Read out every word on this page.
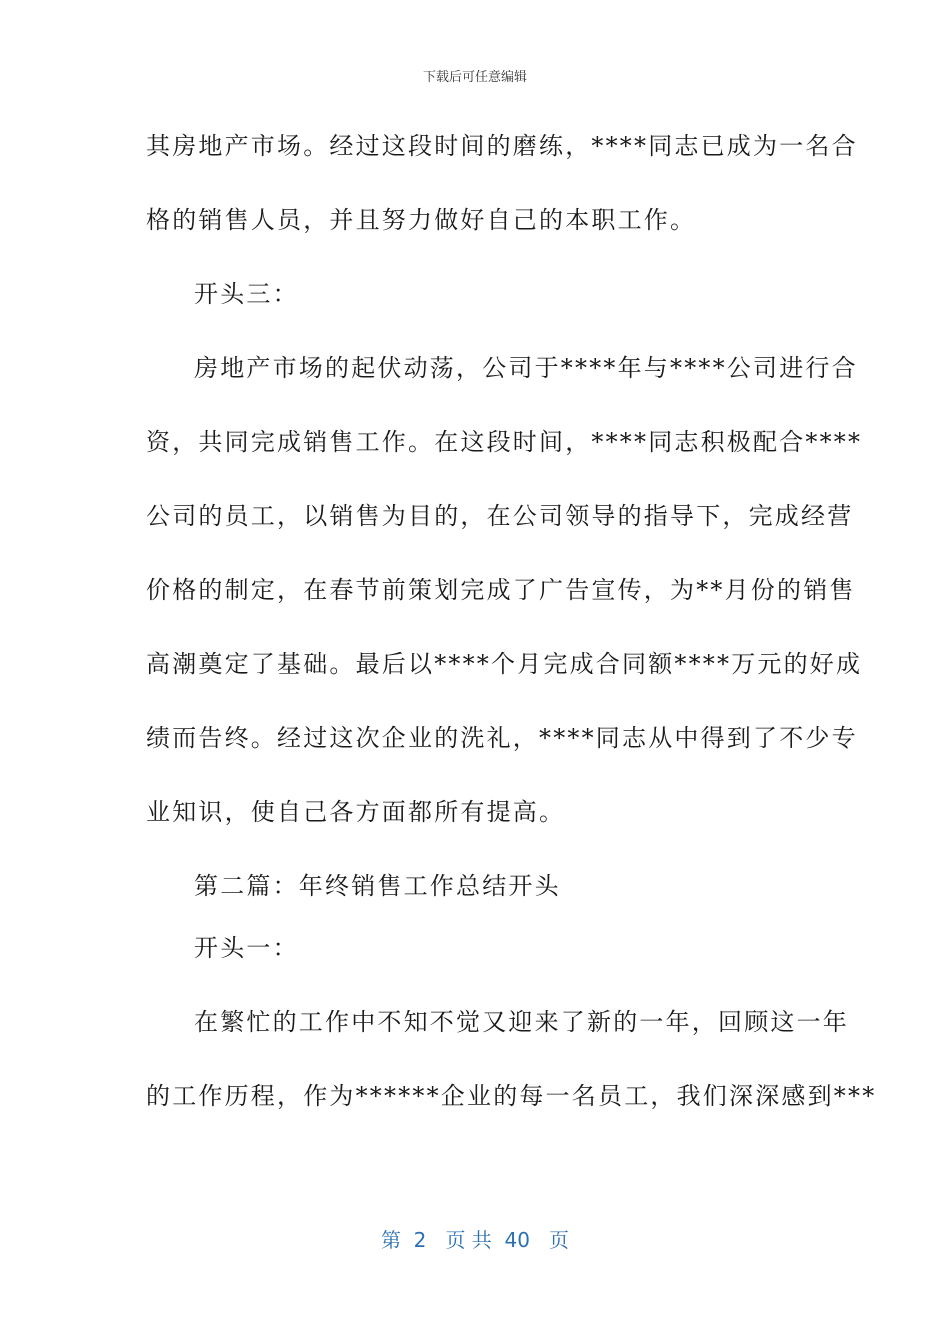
下载后可任意编辑
其房地产市场。经过这段时间的磨练，****同志已成为一名合
格的销售人员，并且努力做好自己的本职工作。
开头三：
房地产市场的起伏动荡，公司于****年与****公司进行合
资，共同完成销售工作。在这段时间，****同志积极配合****
公司的员工，以销售为目的，在公司领导的指导下，完成经营
价格的制定，在春节前策划完成了广告宣传，为**月份的销售
高潮奠定了基础。最后以****个月完成合同额****万元的好成
绩而告终。经过这次企业的洗礼，****同志从中得到了不少专
业知识，使自己各方面都所有提高。
第二篇：年终销售工作总结开头
开头一：
在繁忙的工作中不知不觉又迎来了新的一年，回顾这一年
的工作历程，作为******企业的每一名员工，我们深深感到***
第  2   页 共  40   页
